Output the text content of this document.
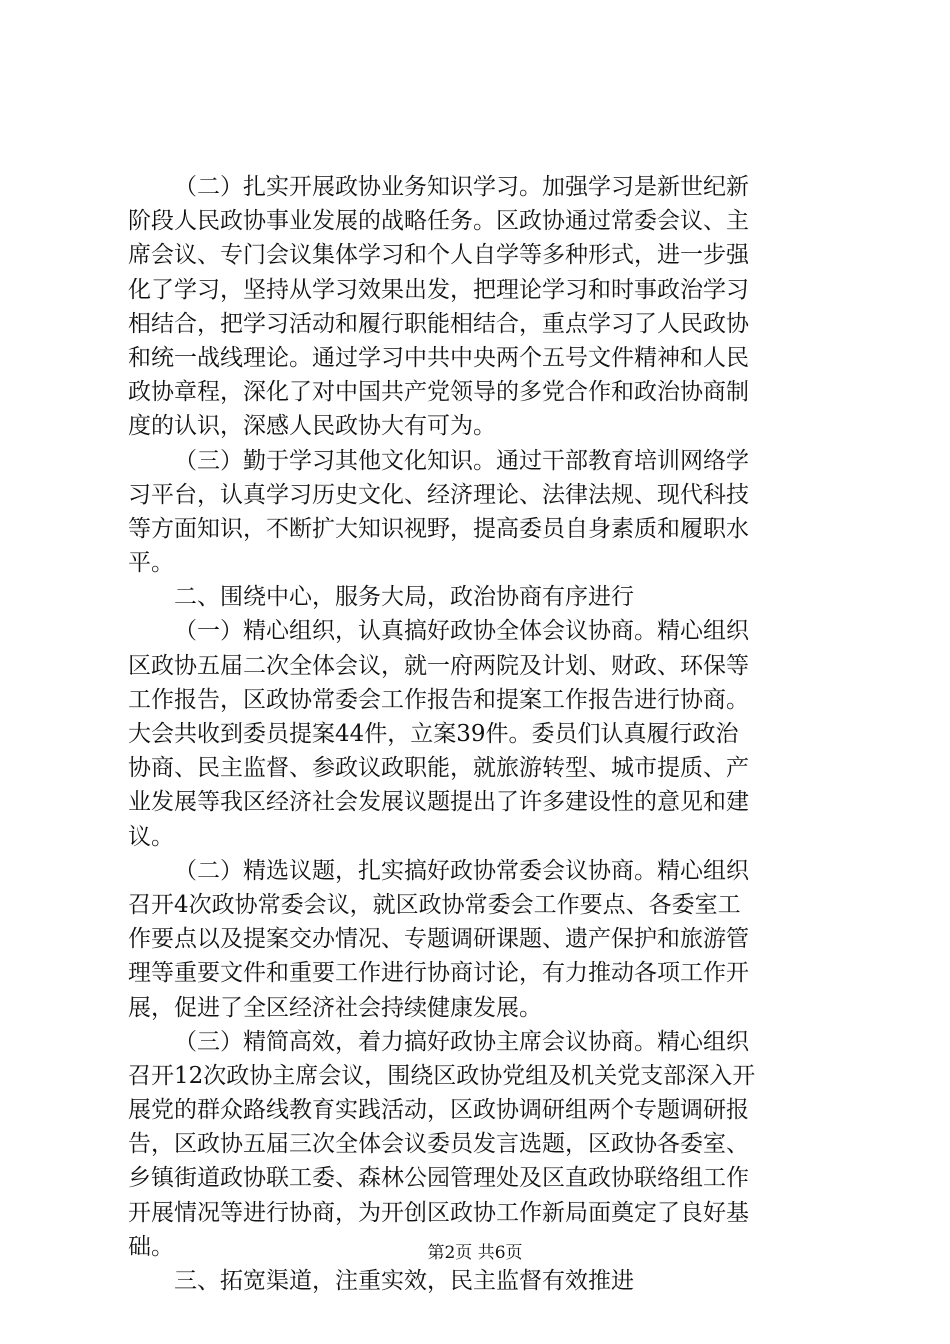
（二）扎实开展政协业务知识学习。加强学习是新世纪新
阶段人民政协事业发展的战略任务。区政协通过常委会议、主
席会议、专门会议集体学习和个人自学等多种形式，进一步强
化了学习，坚持从学习效果出发，把理论学习和时事政治学习
相结合，把学习活动和履行职能相结合，重点学习了人民政协
和统一战线理论。通过学习中共中央两个五号文件精神和人民
政协章程，深化了对中国共产党领导的多党合作和政治协商制
度的认识，深感人民政协大有可为。
（三）勤于学习其他文化知识。通过干部教育培训网络学
习平台，认真学习历史文化、经济理论、法律法规、现代科技
等方面知识，不断扩大知识视野，提高委员自身素质和履职水
平。
二、围绕中心，服务大局，政治协商有序进行
（一）精心组织，认真搞好政协全体会议协商。精心组织
区政协五届二次全体会议，就一府两院及计划、财政、环保等
工作报告，区政协常委会工作报告和提案工作报告进行协商。
大会共收到委员提案44件，立案39件。委员们认真履行政治
协商、民主监督、参政议政职能，就旅游转型、城市提质、产
业发展等我区经济社会发展议题提出了许多建设性的意见和建
议。
（二）精选议题，扎实搞好政协常委会议协商。精心组织
召开4次政协常委会议，就区政协常委会工作要点、各委室工
作要点以及提案交办情况、专题调研课题、遗产保护和旅游管
理等重要文件和重要工作进行协商讨论，有力推动各项工作开
展，促进了全区经济社会持续健康发展。
（三）精简高效，着力搞好政协主席会议协商。精心组织
召开12次政协主席会议，围绕区政协党组及机关党支部深入开
展党的群众路线教育实践活动，区政协调研组两个专题调研报
告，区政协五届三次全体会议委员发言选题，区政协各委室、
乡镇街道政协联工委、森林公园管理处及区直政协联络组工作
开展情况等进行协商，为开创区政协工作新局面奠定了良好基
础。
三、拓宽渠道，注重实效，民主监督有效推进
第2页 共6页
